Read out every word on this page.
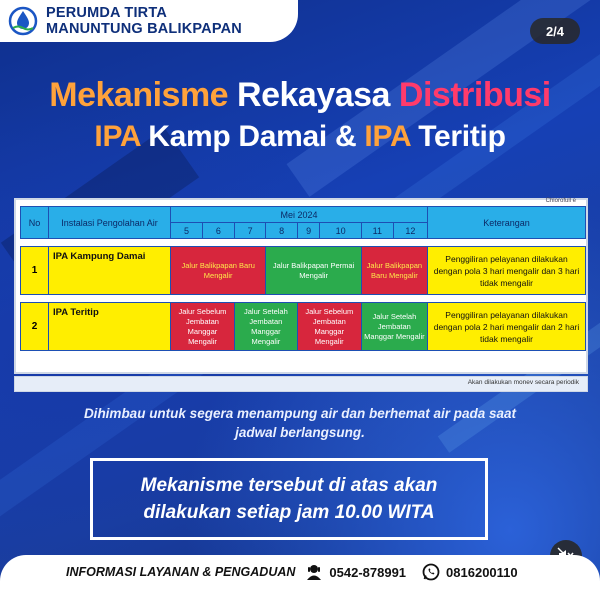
PERUMDA TIRTA
MANUNTUNG BALIKPAPAN	2/4
Mekanisme Rekayasa Distribusi
IPA Kamp Damai & IPA Teritip
Chlorofull e
No	Instalasi Pengolahan Air	Mei 2024								Keterangan
		5	6	7	8	9	10	11	12	

1	IPA Kampung Damai	Jalur Balikpapan Baru Mengalir			Jalur Balikpapan Permai Mengalir			Jalur Balikpapan Baru Mengalir		Penggiliran pelayanan dilakukan dengan pola 3 hari mengalir dan 3 hari tidak mengalir

2	IPA Teritip	Jalur Sebelum Jembatan Manggar Mengalir		Jalur Setelah Jembatan Manggar Mengalir		Jalur Sebelum Jembatan Manggar Mengalir		Jalur Setelah Jembatan Manggar Mengalir		Penggiliran pelayanan dilakukan dengan pola 2 hari mengalir dan 2 hari tidak mengalir
Akan dilakukan monev secara periodik
Dihimbau untuk segera menampung air dan berhemat air pada saat
jadwal berlangsung.
Mekanisme tersebut di atas akan
dilakukan setiap jam 10.00 WITA
INFORMASI LAYANAN & PENGADUAN	0542-878991	0816200110
